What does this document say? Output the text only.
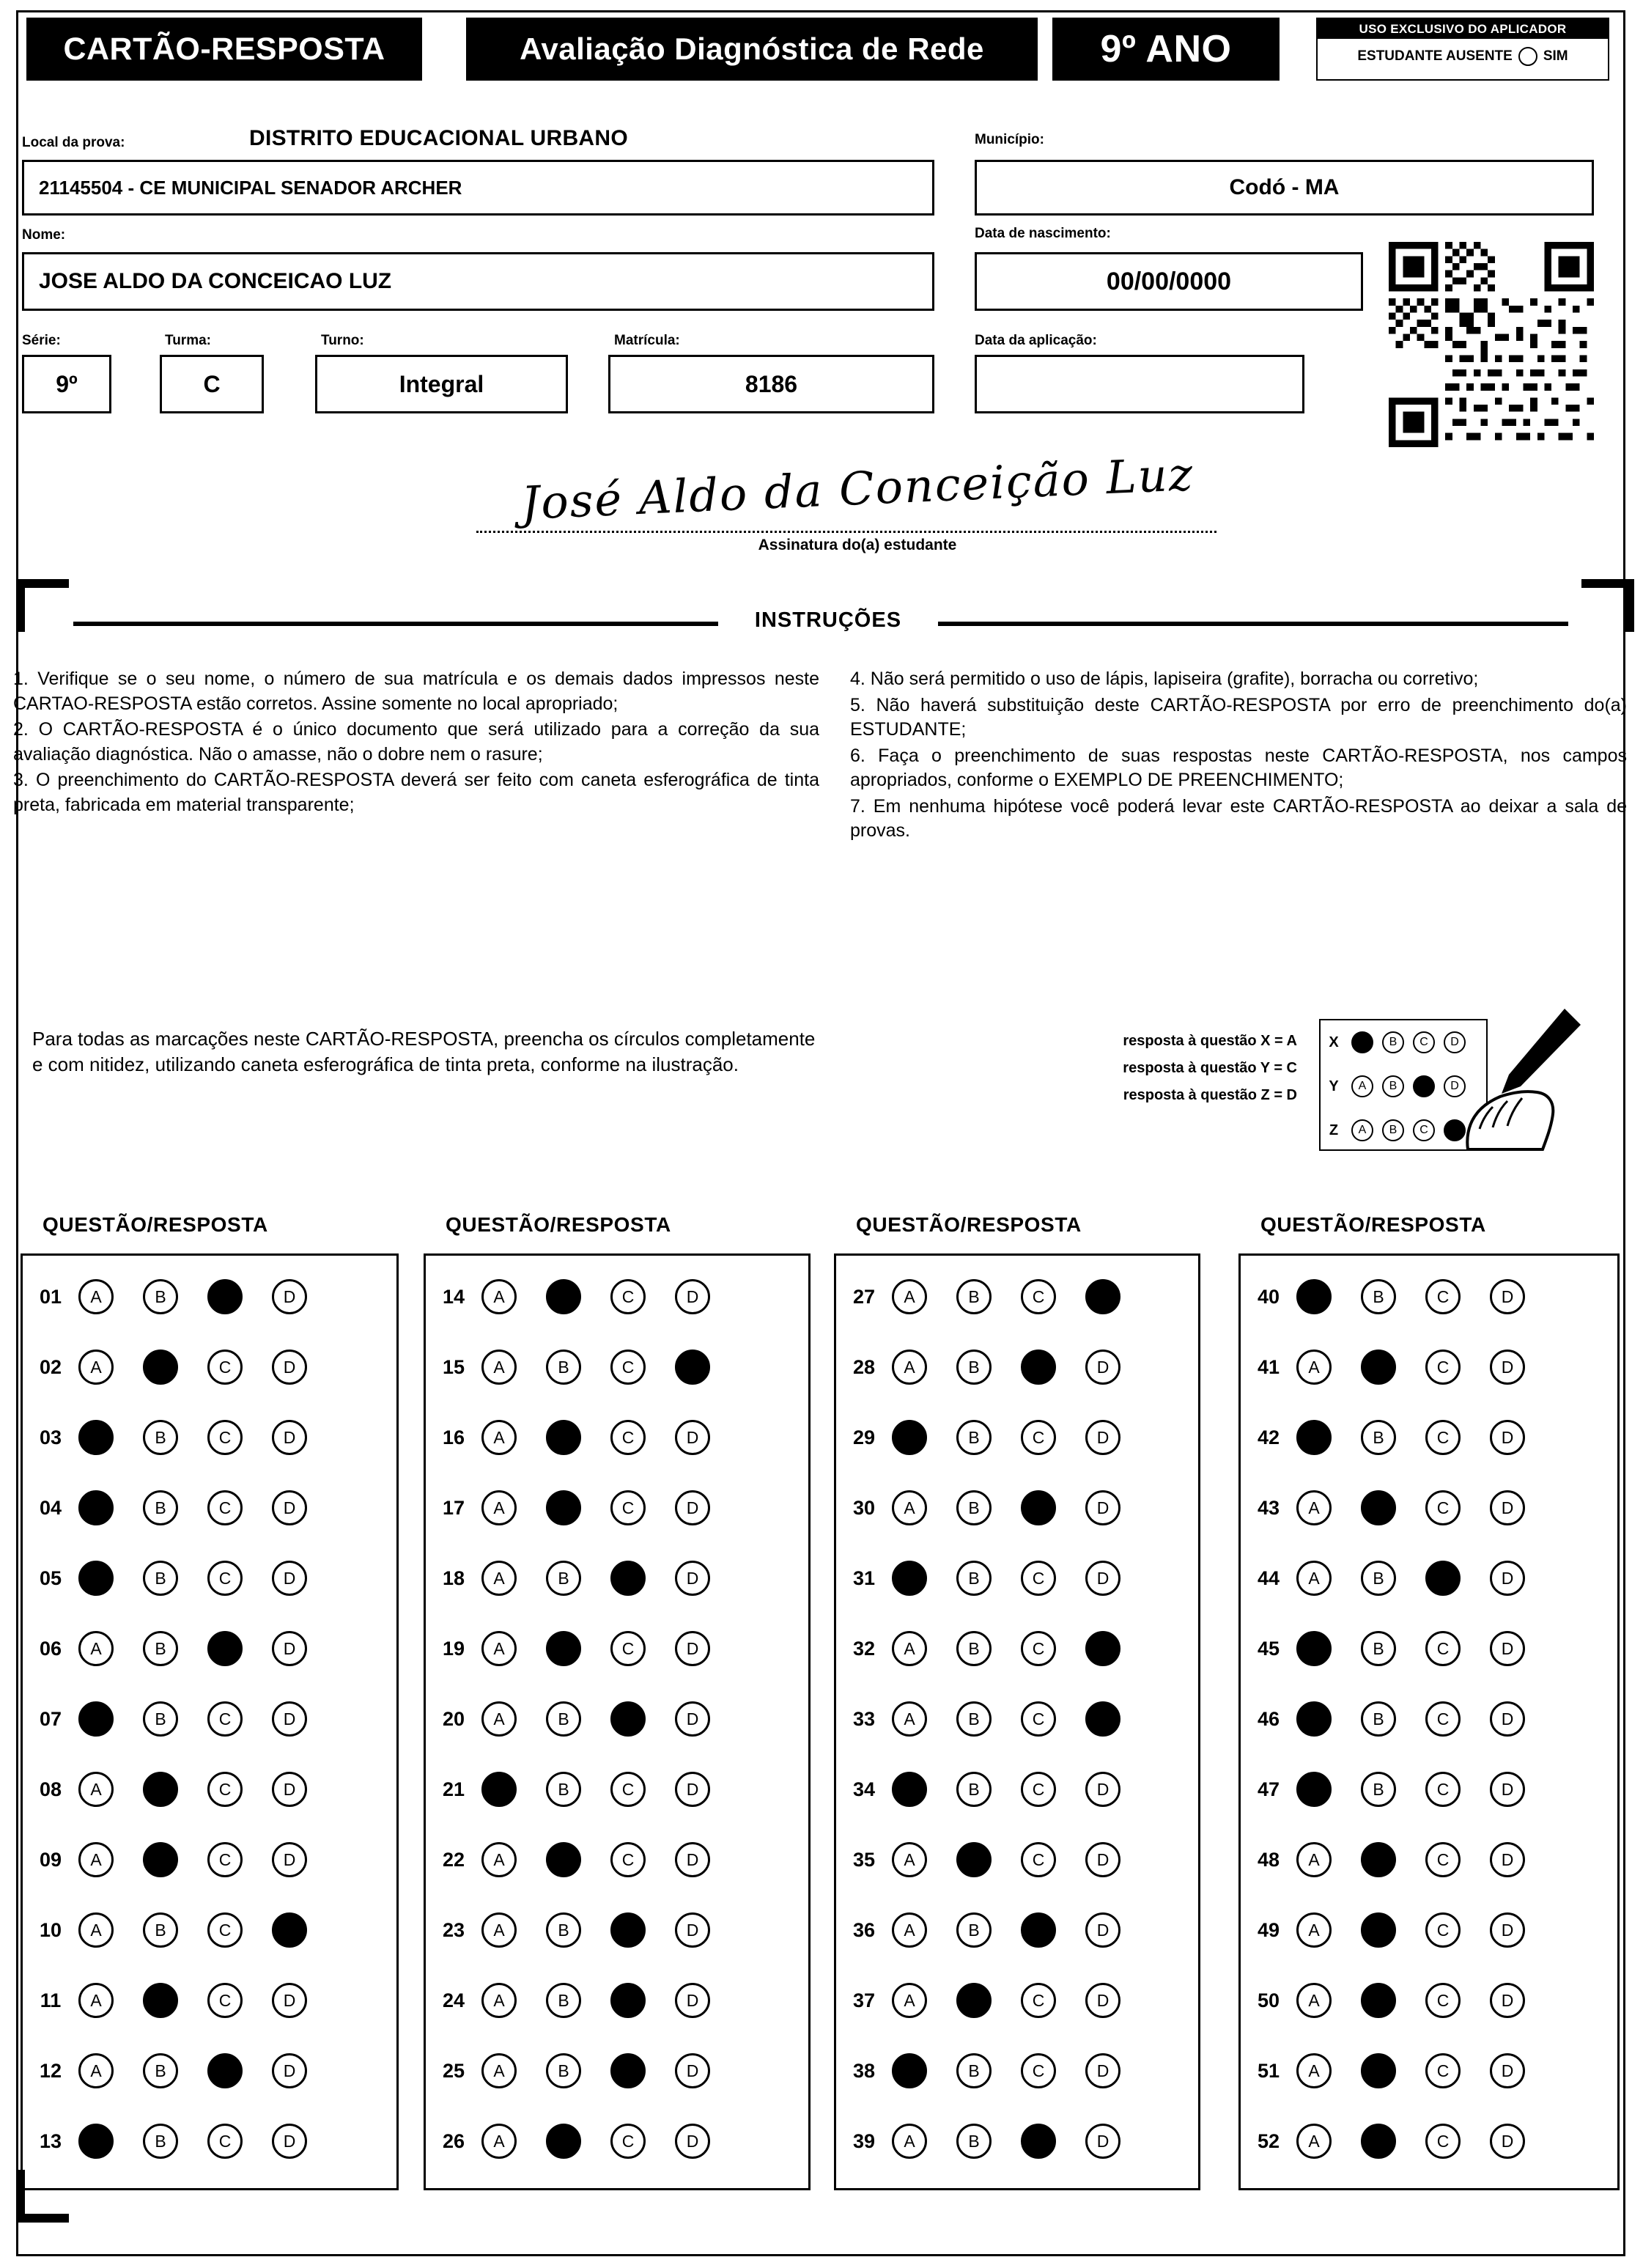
CARTÃO-RESPOSTA	Avaliação Diagnóstica de Rede	9º ANO	USO EXCLUSIVO DO APLICADOR
ESTUDANTE AUSENTE SIM
Local da prova:	DISTRITO EDUCACIONAL URBANO
21145504 - CE MUNICIPAL SENADOR ARCHER
Município:
Codó - MA
Nome:
JOSE ALDO DA CONCEICAO LUZ
Data de nascimento:
00/00/0000
Série:
9º
Turma:
C
Turno:
Integral
Matrícula:
8186
Data da aplicação:
José Aldo da Conceição Luz
Assinatura do(a) estudante
INSTRUÇÕES

1. Verifique se o seu nome, o número de sua matrícula e os demais dados impressos neste CARTAO-RESPOSTA estão corretos. Assine somente no local apropriado;

2. O CARTÃO-RESPOSTA é o único documento que será utilizado para a correção da sua avaliação diagnóstica. Não o amasse, não o dobre nem o rasure;

3. O preenchimento do CARTÃO-RESPOSTA deverá ser feito com caneta esferográfica de tinta preta, fabricada em material transparente;

4. Não será permitido o uso de lápis, lapiseira (grafite), borracha ou corretivo;

5. Não haverá substituição deste CARTÃO-RESPOSTA por erro de preenchimento do(a) ESTUDANTE;

6. Faça o preenchimento de suas respostas neste CARTÃO-RESPOSTA, nos campos apropriados, conforme o EXEMPLO DE PREENCHIMENTO;

7. Em nenhuma hipótese você poderá levar este CARTÃO-RESPOSTA ao deixar a sala de provas.

Para todas as marcações neste CARTÃO-RESPOSTA, preencha os círculos completamente e com nitidez, utilizando caneta esferográfica de tinta preta, conforme na ilustração.
resposta à questão X = A
resposta à questão Y = C
resposta à questão Z = D
X	A	B	C	D
Y	A	B	C	D
Z	A	B	C	D
QUESTÃO/RESPOSTA
01	A	B	C	D
02	A	B	C	D
03	A	B	C	D
04	A	B	C	D
05	A	B	C	D
06	A	B	C	D
07	A	B	C	D
08	A	B	C	D
09	A	B	C	D
10	A	B	C	D
11	A	B	C	D
12	A	B	C	D
13	A	B	C	D
QUESTÃO/RESPOSTA
14	A	B	C	D
15	A	B	C	D
16	A	B	C	D
17	A	B	C	D
18	A	B	C	D
19	A	B	C	D
20	A	B	C	D
21	A	B	C	D
22	A	B	C	D
23	A	B	C	D
24	A	B	C	D
25	A	B	C	D
26	A	B	C	D
QUESTÃO/RESPOSTA
27	A	B	C	D
28	A	B	C	D
29	A	B	C	D
30	A	B	C	D
31	A	B	C	D
32	A	B	C	D
33	A	B	C	D
34	A	B	C	D
35	A	B	C	D
36	A	B	C	D
37	A	B	C	D
38	A	B	C	D
39	A	B	C	D
QUESTÃO/RESPOSTA
40	A	B	C	D
41	A	B	C	D
42	A	B	C	D
43	A	B	C	D
44	A	B	C	D
45	A	B	C	D
46	A	B	C	D
47	A	B	C	D
48	A	B	C	D
49	A	B	C	D
50	A	B	C	D
51	A	B	C	D
52	A	B	C	D
